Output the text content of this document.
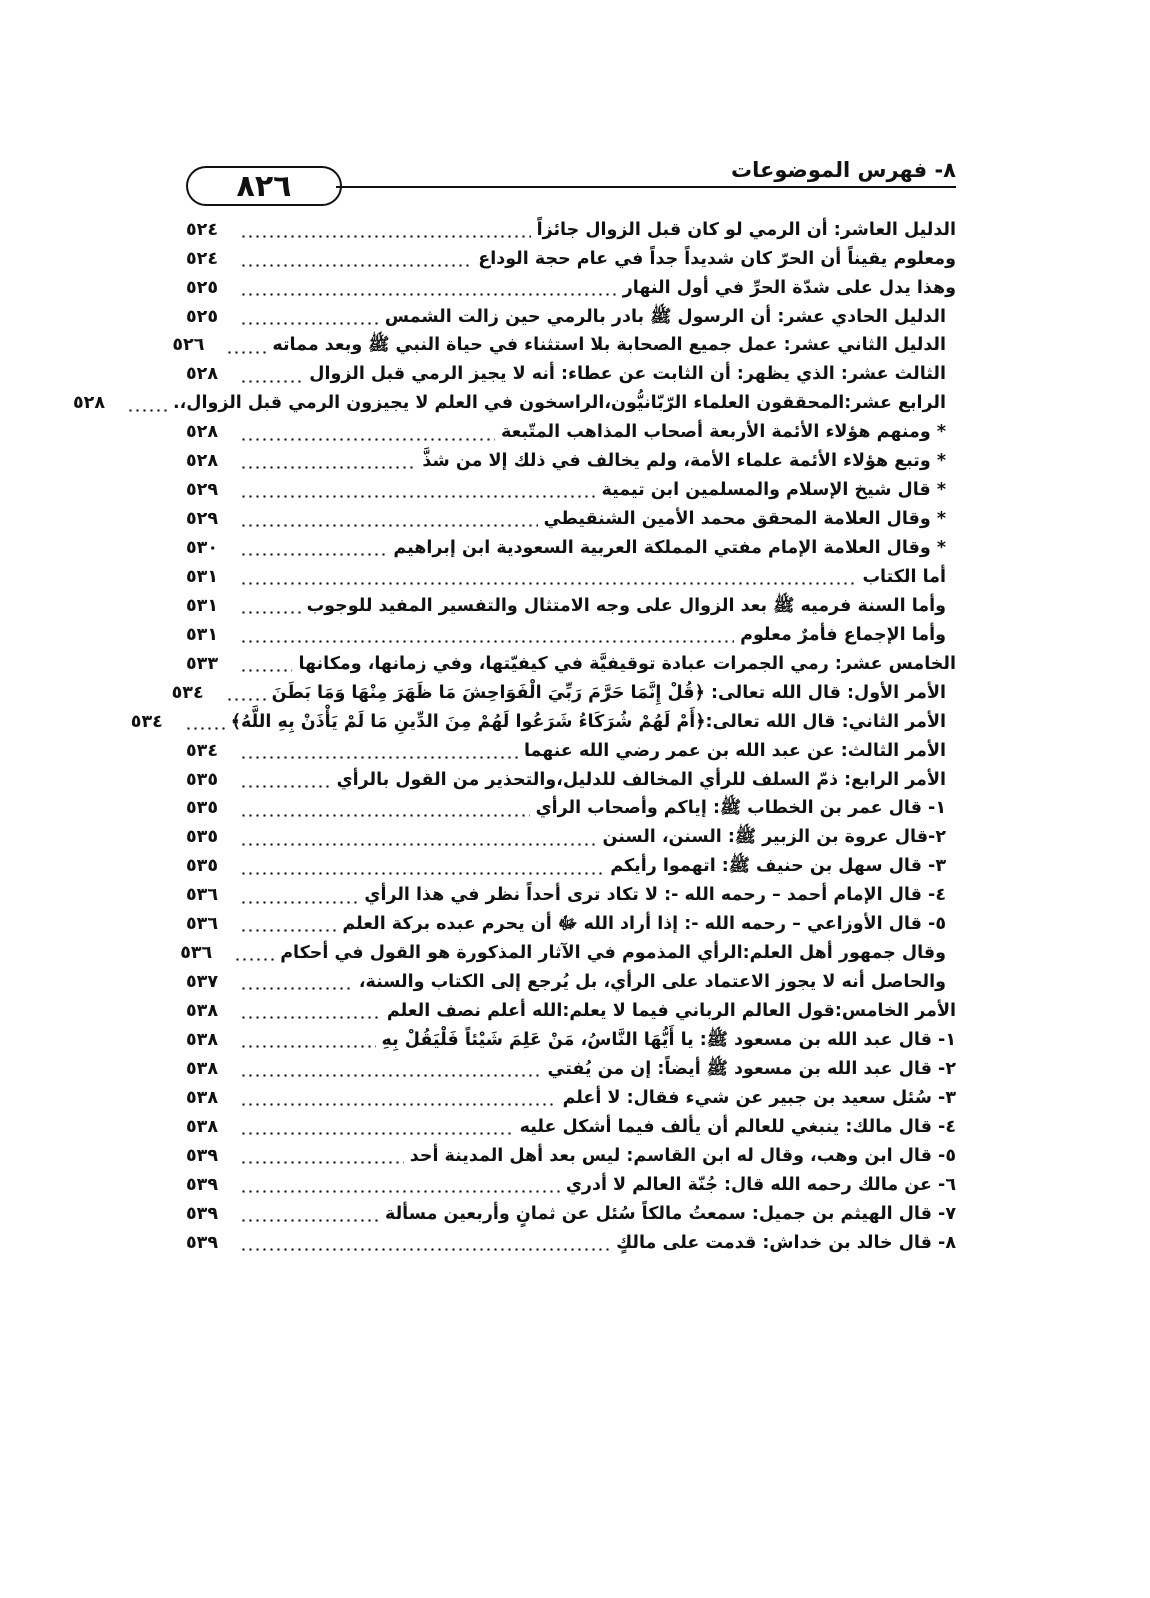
٨٢٦	٨- فهرس الموضوعات
الدليل العاشر: أن الرمي لو كان قبل الزوال جائزاً
٥٢٤
ومعلوم يقيناً أن الحرّ كان شديداً جداً في عام حجة الوداع
٥٢٤
وهذا يدل على شدّة الحرِّ في أول النهار
٥٢٥
الدليل الحادي عشر: أن الرسول ﷺ بادر بالرمي حين زالت الشمس
٥٢٥
الدليل الثاني عشر: عمل جميع الصحابة بلا استثناء في حياة النبي ﷺ وبعد مماته
٥٢٦
الثالث عشر: الذي يظهر: أن الثابت عن عطاء: أنه لا يجيز الرمي قبل الزوال
٥٢٨
الرابع عشر:المحققون العلماء الرّبّانيُّون،الراسخون في العلم لا يجيزون الرمي قبل الزوال،.
٥٢٨
* ومنهم هؤلاء الأئمة الأربعة أصحاب المذاهب المتّبعة
٥٢٨
* وتبع هؤلاء الأئمة علماء الأمة، ولم يخالف في ذلك إلا من شذَّ
٥٢٨
* قال شيخ الإسلام والمسلمين ابن تيمية
٥٢٩
* وقال العلامة المحقق محمد الأمين الشنقيطي
٥٢٩
* وقال العلامة الإمام مفتي المملكة العربية السعودية ابن إبراهيم
٥٣٠
أما الكتاب
٥٣١
وأما السنة فرميه ﷺ بعد الزوال على وجه الامتثال والتفسير المفيد للوجوب
٥٣١
وأما الإجماع فأمرٌ معلوم
٥٣١
الخامس عشر: رمي الجمرات عبادة توقيفيَّة في كيفيّتها، وفي زمانها، ومكانها
٥٣٣
الأمر الأول: قال الله تعالى: ﴿قُلْ إِنَّمَا حَرَّمَ رَبِّيَ الْفَوَاحِشَ مَا ظَهَرَ مِنْهَا وَمَا بَطَنَ
٥٣٤
الأمر الثاني: قال الله تعالى:﴿أَمْ لَهُمْ شُرَكَاءُ شَرَعُوا لَهُمْ مِنَ الدِّينِ مَا لَمْ يَأْذَنْ بِهِ اللَّهُ﴾
٥٣٤
الأمر الثالث: عن عبد الله بن عمر رضي الله عنهما
٥٣٤
الأمر الرابع: ذمّ السلف للرأي المخالف للدليل،والتحذير من القول بالرأي
٥٣٥
١- قال عمر بن الخطاب ﷺ: إياكم وأصحاب الرأي
٥٣٥
٢-قال عروة بن الزبير ﷺ: السنن، السنن
٥٣٥
٣- قال سهل بن حنيف ﷺ: اتهموا رأيكم
٥٣٥
٤- قال الإمام أحمد – رحمه الله -: لا تكاد ترى أحداً نظر في هذا الرأي
٥٣٦
٥- قال الأوزاعي – رحمه الله -: إذا أراد الله ﷻ أن يحرم عبده بركة العلم
٥٣٦
وقال جمهور أهل العلم:الرأي المذموم في الآثار المذكورة هو القول في أحكام
٥٣٦
والحاصل أنه لا يجوز الاعتماد على الرأي، بل يُرجع إلى الكتاب والسنة،
٥٣٧
الأمر الخامس:قول العالم الرباني فيما لا يعلم:الله أعلم نصف العلم
٥٣٨
١- قال عبد الله بن مسعود ﷺ: يا أَيُّهَا النَّاسُ، مَنْ عَلِمَ شَيْئاً فَلْيَقُلْ بِهِ
٥٣٨
٢- قال عبد الله بن مسعود ﷺ أيضاً: إن من يُفتي
٥٣٨
٣- سُئل سعيد بن جبير عن شيء فقال: لا أعلم
٥٣٨
٤- قال مالك: ينبغي للعالم أن يألف فيما أشكل عليه
٥٣٨
٥- قال ابن وهب، وقال له ابن القاسم: ليس بعد أهل المدينة أحد
٥٣٩
٦- عن مالك رحمه الله قال: جُنّة العالم لا أدري
٥٣٩
٧- قال الهيثم بن جميل: سمعتُ مالكاً سُئل عن ثمانٍ وأربعين مسألة
٥٣٩
٨- قال خالد بن خداش: قدمت على مالكٍ
٥٣٩
